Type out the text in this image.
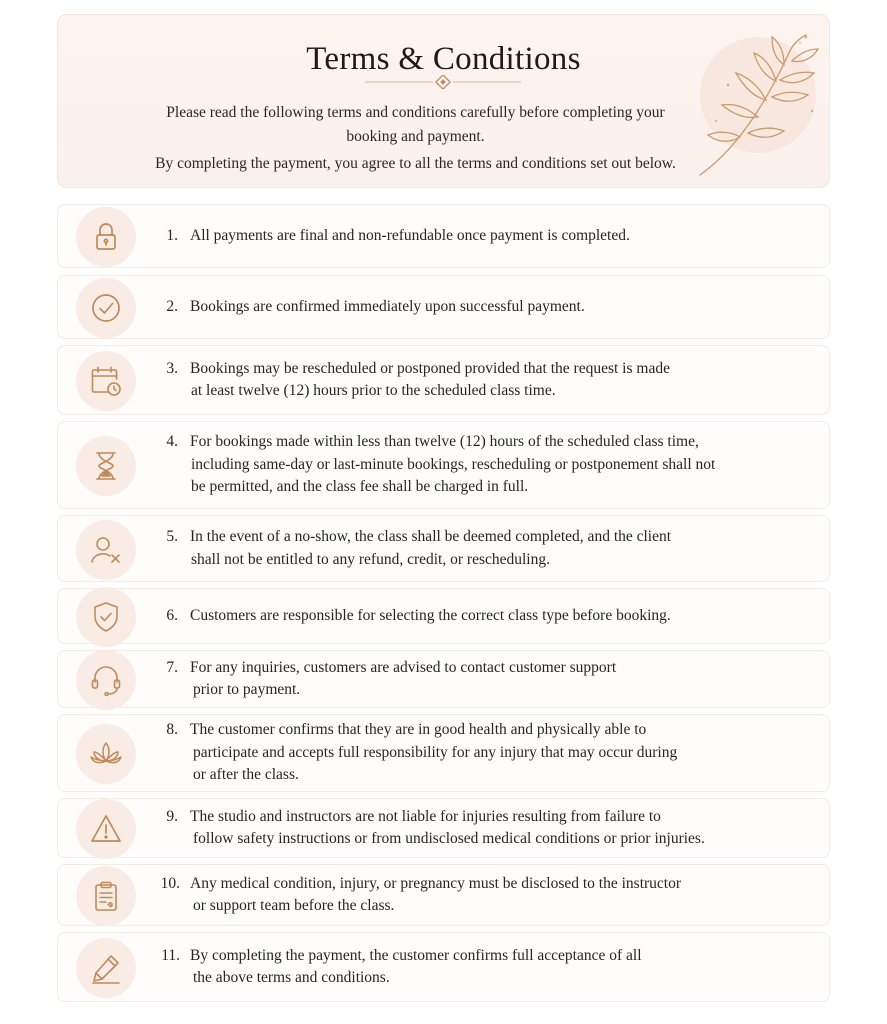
Terms & Conditions
Please read the following terms and conditions carefully before completing your
booking and payment.
By completing the payment, you agree to all the terms and conditions set out below.
1. All payments are final and non-refundable once payment is completed.
2. Bookings are confirmed immediately upon successful payment.
3. Bookings may be rescheduled or postponed provided that the request is made
at least twelve (12) hours prior to the scheduled class time.
4. For bookings made within less than twelve (12) hours of the scheduled class time,
including same-day or last-minute bookings, rescheduling or postponement shall not
be permitted, and the class fee shall be charged in full.
5. In the event of a no-show, the class shall be deemed completed, and the client
shall not be entitled to any refund, credit, or rescheduling.
6. Customers are responsible for selecting the correct class type before booking.
7. For any inquiries, customers are advised to contact customer support
prior to payment.
8. The customer confirms that they are in good health and physically able to
participate and accepts full responsibility for any injury that may occur during
or after the class.
9. The studio and instructors are not liable for injuries resulting from failure to
follow safety instructions or from undisclosed medical conditions or prior injuries.
10. Any medical condition, injury, or pregnancy must be disclosed to the instructor
or support team before the class.
11. By completing the payment, the customer confirms full acceptance of all
the above terms and conditions.
